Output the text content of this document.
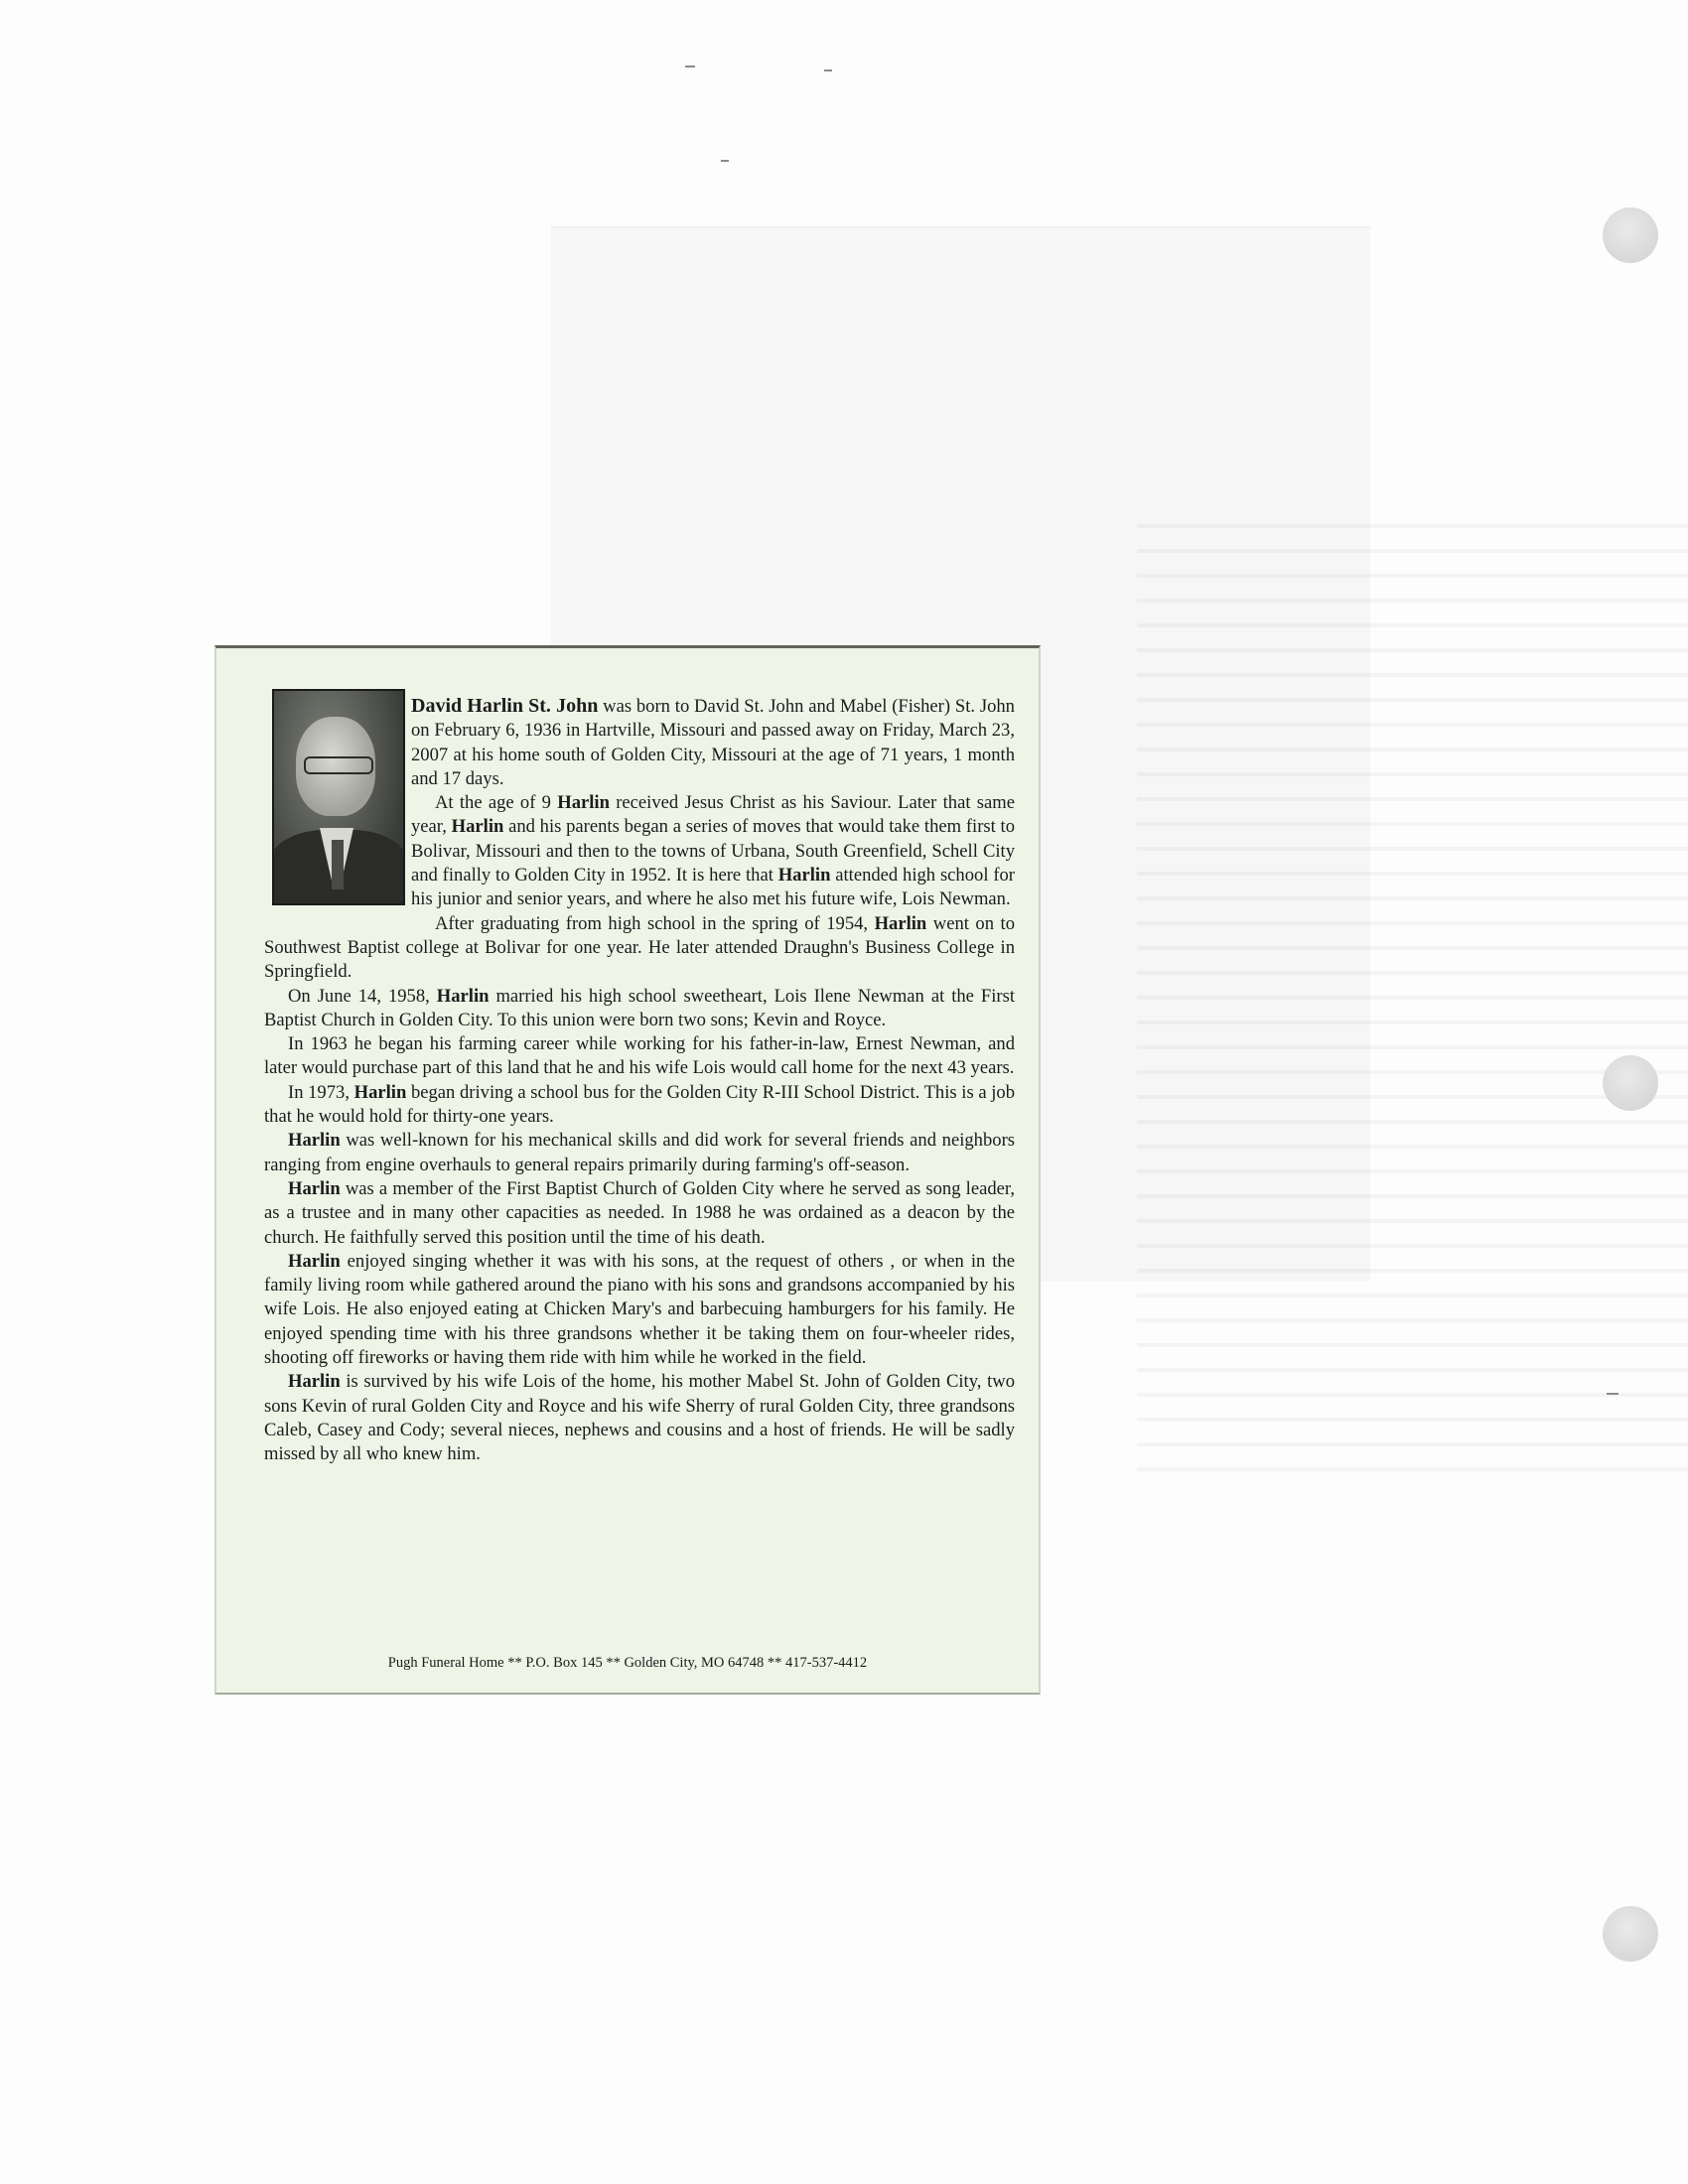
David Harlin St. John was born to David St. John and Mabel (Fisher) St. John on February 6, 1936 in Hartville, Missouri and passed away on Friday, March 23, 2007 at his home south of Golden City, Missouri at the age of 71 years, 1 month and 17 days.

At the age of 9 Harlin received Jesus Christ as his Saviour. Later that same year, Harlin and his parents began a series of moves that would take them first to Bolivar, Missouri and then to the towns of Urbana, South Greenfield, Schell City and finally to Golden City in 1952. It is here that Harlin attended high school for his junior and senior years, and where he also met his future wife, Lois Newman.

After graduating from high school in the spring of 1954, Harlin went on to Southwest Baptist college at Bolivar for one year. He later attended Draughn's Business College in Springfield.

On June 14, 1958, Harlin married his high school sweetheart, Lois Ilene Newman at the First Baptist Church in Golden City. To this union were born two sons; Kevin and Royce.

In 1963 he began his farming career while working for his father-in-law, Ernest Newman, and later would purchase part of this land that he and his wife Lois would call home for the next 43 years.

In 1973, Harlin began driving a school bus for the Golden City R-III School District. This is a job that he would hold for thirty-one years.

Harlin was well-known for his mechanical skills and did work for several friends and neighbors ranging from engine overhauls to general repairs primarily during farming's off-season.

Harlin was a member of the First Baptist Church of Golden City where he served as song leader, as a trustee and in many other capacities as needed. In 1988 he was ordained as a deacon by the church. He faithfully served this position until the time of his death.

Harlin enjoyed singing whether it was with his sons, at the request of others , or when in the family living room while gathered around the piano with his sons and grandsons accompanied by his wife Lois. He also enjoyed eating at Chicken Mary's and barbecuing hamburgers for his family. He enjoyed spending time with his three grandsons whether it be taking them on four-wheeler rides, shooting off fireworks or having them ride with him while he worked in the field.

Harlin is survived by his wife Lois of the home, his mother Mabel St. John of Golden City, two sons Kevin of rural Golden City and Royce and his wife Sherry of rural Golden City, three grandsons Caleb, Casey and Cody; several nieces, nephews and cousins and a host of friends. He will be sadly missed by all who knew him.

Pugh Funeral Home ** P.O. Box 145 ** Golden City, MO 64748 ** 417-537-4412
